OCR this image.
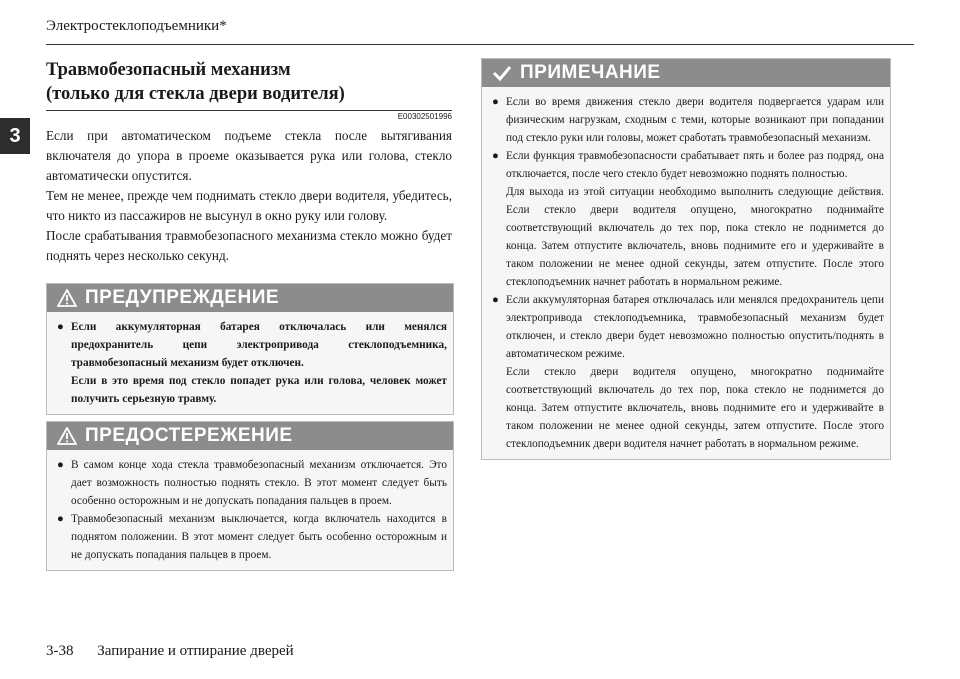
Электростеклоподъемники*
3
Травмобезопасный механизм
(только для стекла двери водителя)
E00302501996

Если при автоматическом подъеме стекла после вытягивания включателя до упора в проеме оказывается рука или голова, стекло автоматически опустится.

Тем не менее, прежде чем поднимать стекло двери водителя, убедитесь, что никто из пассажиров не высунул в окно руку или голову.

После срабатывания травмобезопасного механизма стекло можно будет поднять через несколько секунд.

ПРЕДУПРЕЖДЕНИЕ
● Если аккумуляторная батарея отключалась или менялся предохранитель цепи электропривода стеклоподъемника, травмобезопасный механизм будет отключен.

Если в это время под стекло попадет рука или голова, человек может получить серьезную травму.

ПРЕДОСТЕРЕЖЕНИЕ
● В самом конце хода стекла травмобезопасный механизм отключается. Это дает возможность полностью поднять стекло. В этот момент следует быть особенно осторожным и не допускать попадания пальцев в проем.

● Травмобезопасный механизм выключается, когда включатель находится в поднятом положении. В этот момент следует быть особенно осторожным и не допускать попадания пальцев в проем.

ПРИМЕЧАНИЕ
● Если во время движения стекло двери водителя подвергается ударам или физическим нагрузкам, сходным с теми, которые возникают при попадании под стекло руки или головы, может сработать травмобезопасный механизм.

● Если функция травмобезопасности срабатывает пять и более раз подряд, она отключается, после чего стекло будет невозможно поднять полностью.

Для выхода из этой ситуации необходимо выполнить следующие действия. Если стекло двери водителя опущено, многократно поднимайте соответствующий включатель до тех пор, пока стекло не поднимется до конца. Затем отпустите включатель, вновь поднимите его и удерживайте в таком положении не менее одной секунды, затем отпустите. После этого стеклоподъемник начнет работать в нормальном режиме.

● Если аккумуляторная батарея отключалась или менялся предохранитель цепи электропривода стеклоподъемника, травмобезопасный механизм будет отключен, и стекло двери будет невозможно полностью опустить/поднять в автоматическом режиме.

Если стекло двери водителя опущено, многократно поднимайте соответствующий включатель до тех пор, пока стекло не поднимется до конца. Затем отпустите включатель, вновь поднимите его и удерживайте в таком положении не менее одной секунды, затем отпустите. После этого стеклоподъемник двери водителя начнет работать в нормальном режиме.

3-38 Запирание и отпирание дверей
